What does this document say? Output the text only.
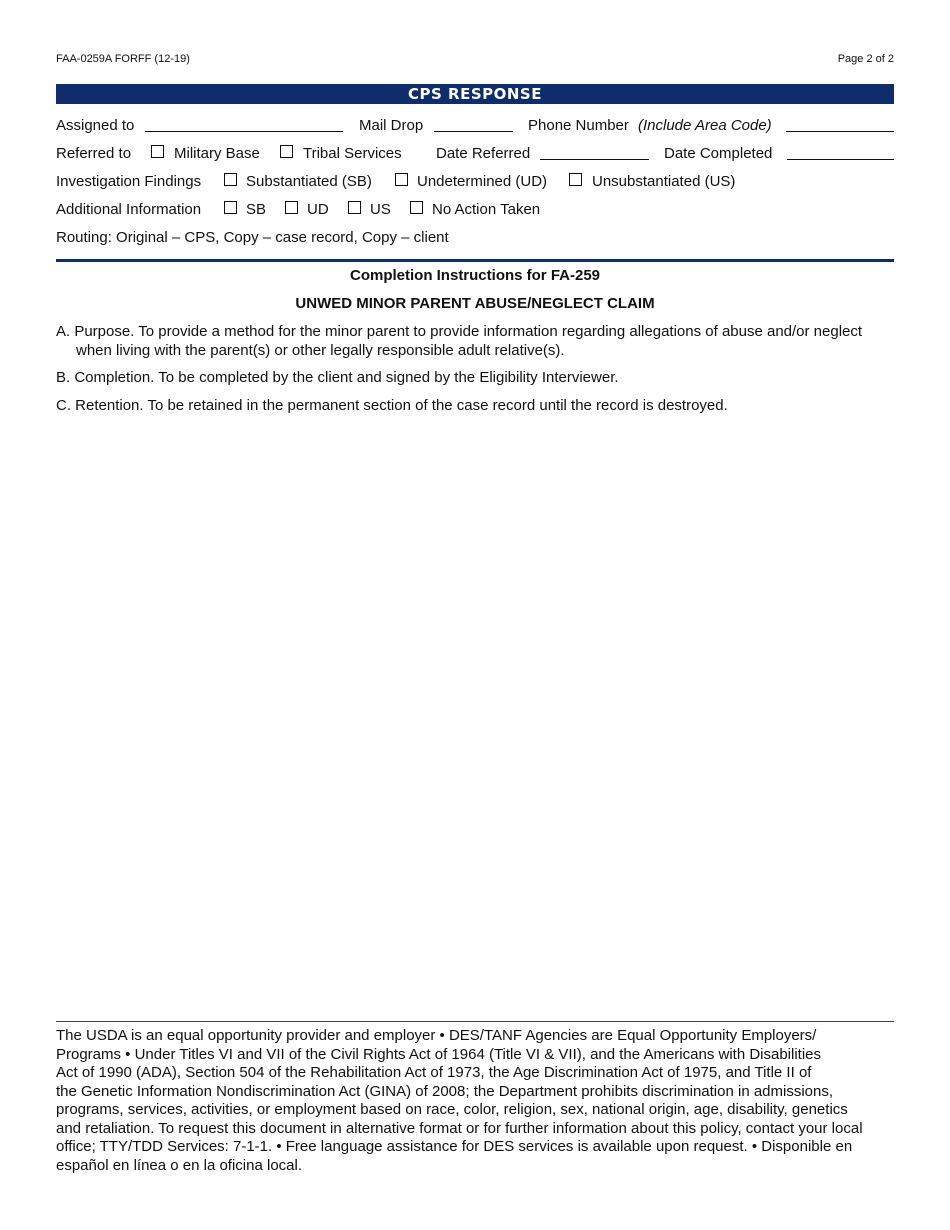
FAA-0259A FORFF (12-19)	Page 2 of 2
CPS RESPONSE
Assigned to	Mail Drop	Phone Number (Include Area Code)
Referred to	Military Base	Tribal Services Date Referred	Date Completed
Investigation Findings	Substantiated (SB)	Undetermined (UD)	Unsubstantiated (US)
Additional Information	SB	UD	US	No Action Taken
Routing: Original – CPS, Copy – case record, Copy – client
Completion Instructions for FA-259
UNWED MINOR PARENT ABUSE/NEGLECT CLAIM
A. Purpose. To provide a method for the minor parent to provide information regarding allegations of abuse and/or neglect
when living with the parent(s) or other legally responsible adult relative(s).
B. Completion. To be completed by the client and signed by the Eligibility Interviewer.
C. Retention. To be retained in the permanent section of the case record until the record is destroyed.
The USDA is an equal opportunity provider and employer • DES/TANF Agencies are Equal Opportunity Employers/
Programs • Under Titles VI and VII of the Civil Rights Act of 1964 (Title VI & VII), and the Americans with Disabilities
Act of 1990 (ADA), Section 504 of the Rehabilitation Act of 1973, the Age Discrimination Act of 1975, and Title II of
the Genetic Information Nondiscrimination Act (GINA) of 2008; the Department prohibits discrimination in admissions,
programs, services, activities, or employment based on race, color, religion, sex, national origin, age, disability, genetics
and retaliation. To request this document in alternative format or for further information about this policy, contact your local
office; TTY/TDD Services: 7-1-1. • Free language assistance for DES services is available upon request. • Disponible en
español en línea o en la oficina local.
